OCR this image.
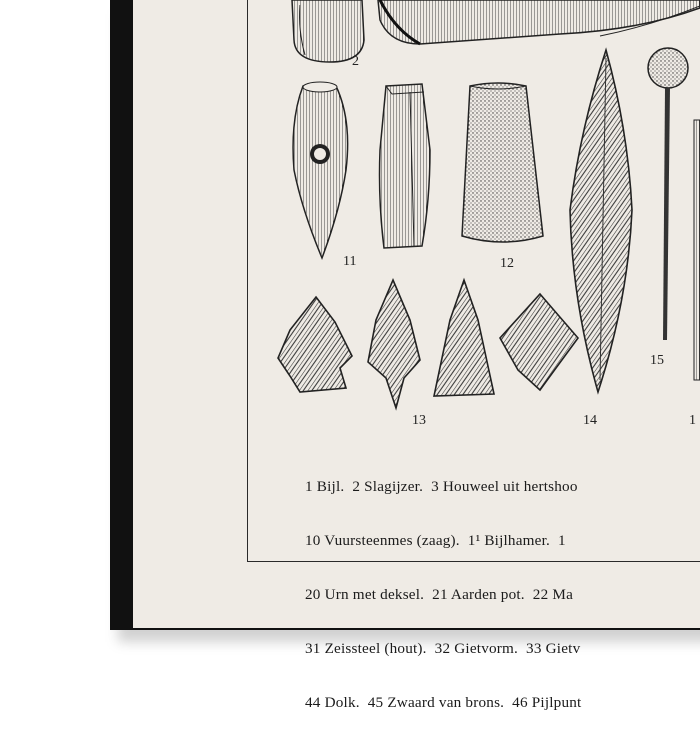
2
11	12
13	14
15
1

1 Bijl.  2 Slagijzer.  3 Houweel uit hertshoo

10 Vuursteenmes (zaag).  1¹ Bijlhamer.  1

20 Urn met deksel.  21 Aarden pot.  22 Ma

31 Zeissteel (hout).  32 Gietvorm.  33 Gietv

44 Dolk.  45 Zwaard van brons.  46 Pijlpunt
